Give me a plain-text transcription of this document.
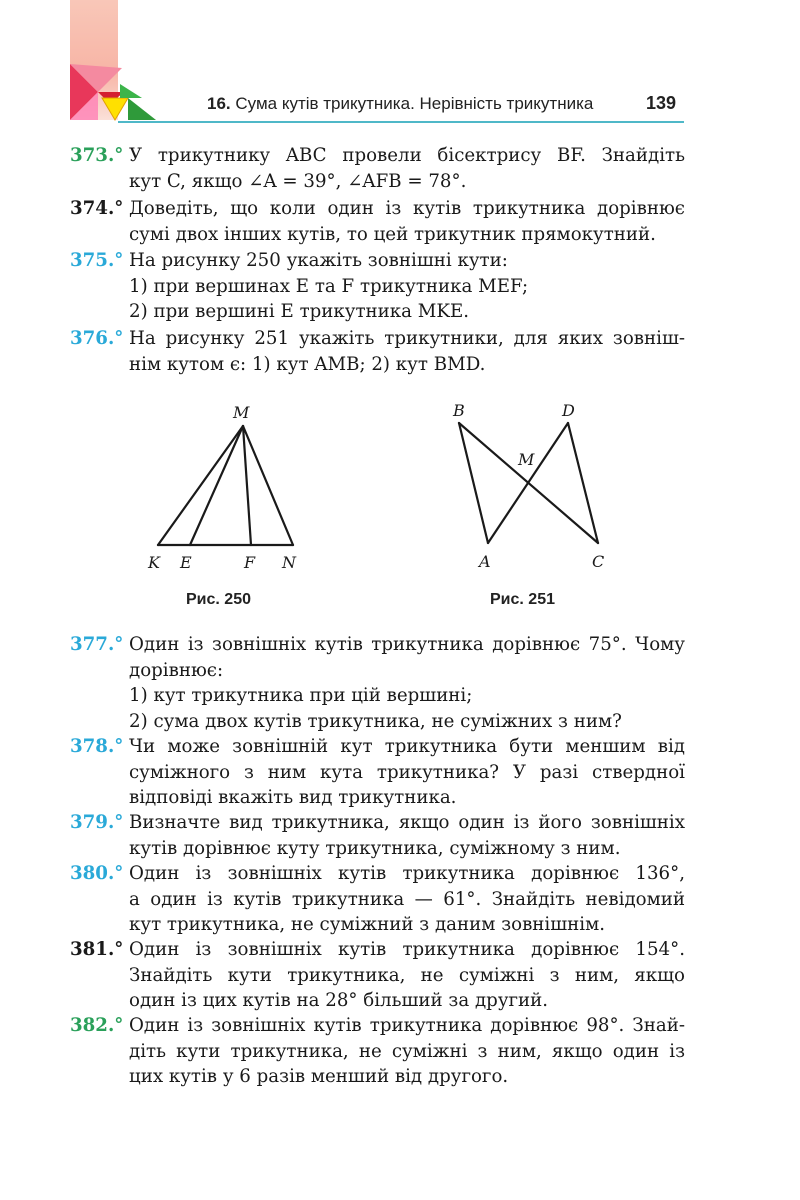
16. Сума кутів трикутника. Нерівність трикутника	139
373.° У трикутнику ABC провели бісектрису BF. Знайдіть
кут C, якщо ∠A = 39°, ∠AFB = 78°.
374.° Доведіть, що коли один із кутів трикутника дорівнює
сумі двох інших кутів, то цей трикутник прямокутний.
375.° На рисунку 250 укажіть зовнішні кути:
1) при вершинах E та F трикутника MEF;
2) при вершині E трикутника MKE.
376.° На рисунку 251 укажіть трикутники, для яких зовніш-
нім кутом є: 1) кут AMB; 2) кут BMD.
M
K E	F N
Рис. 250
B	D
M
A	C
Рис. 251
377.° Один із зовнішніх кутів трикутника дорівнює 75°. Чому
дорівнює:
1) кут трикутника при цій вершині;
2) сума двох кутів трикутника, не суміжних з ним?
378.° Чи може зовнішній кут трикутника бути меншим від
суміжного з ним кута трикутника? У разі ствердної
відповіді вкажіть вид трикутника.
379.° Визначте вид трикутника, якщо один із його зовнішніх
кутів дорівнює куту трикутника, суміжному з ним.
380.° Один із зовнішніх кутів трикутника дорівнює 136°,
а один із кутів трикутника — 61°. Знайдіть невідомий
кут трикутника, не суміжний з даним зовнішнім.
381.° Один із зовнішніх кутів трикутника дорівнює 154°.
Знайдіть кути трикутника, не суміжні з ним, якщо
один із цих кутів на 28° більший за другий.
382.° Один із зовнішніх кутів трикутника дорівнює 98°. Знай-
діть кути трикутника, не суміжні з ним, якщо один із
цих кутів у 6 разів менший від другого.
